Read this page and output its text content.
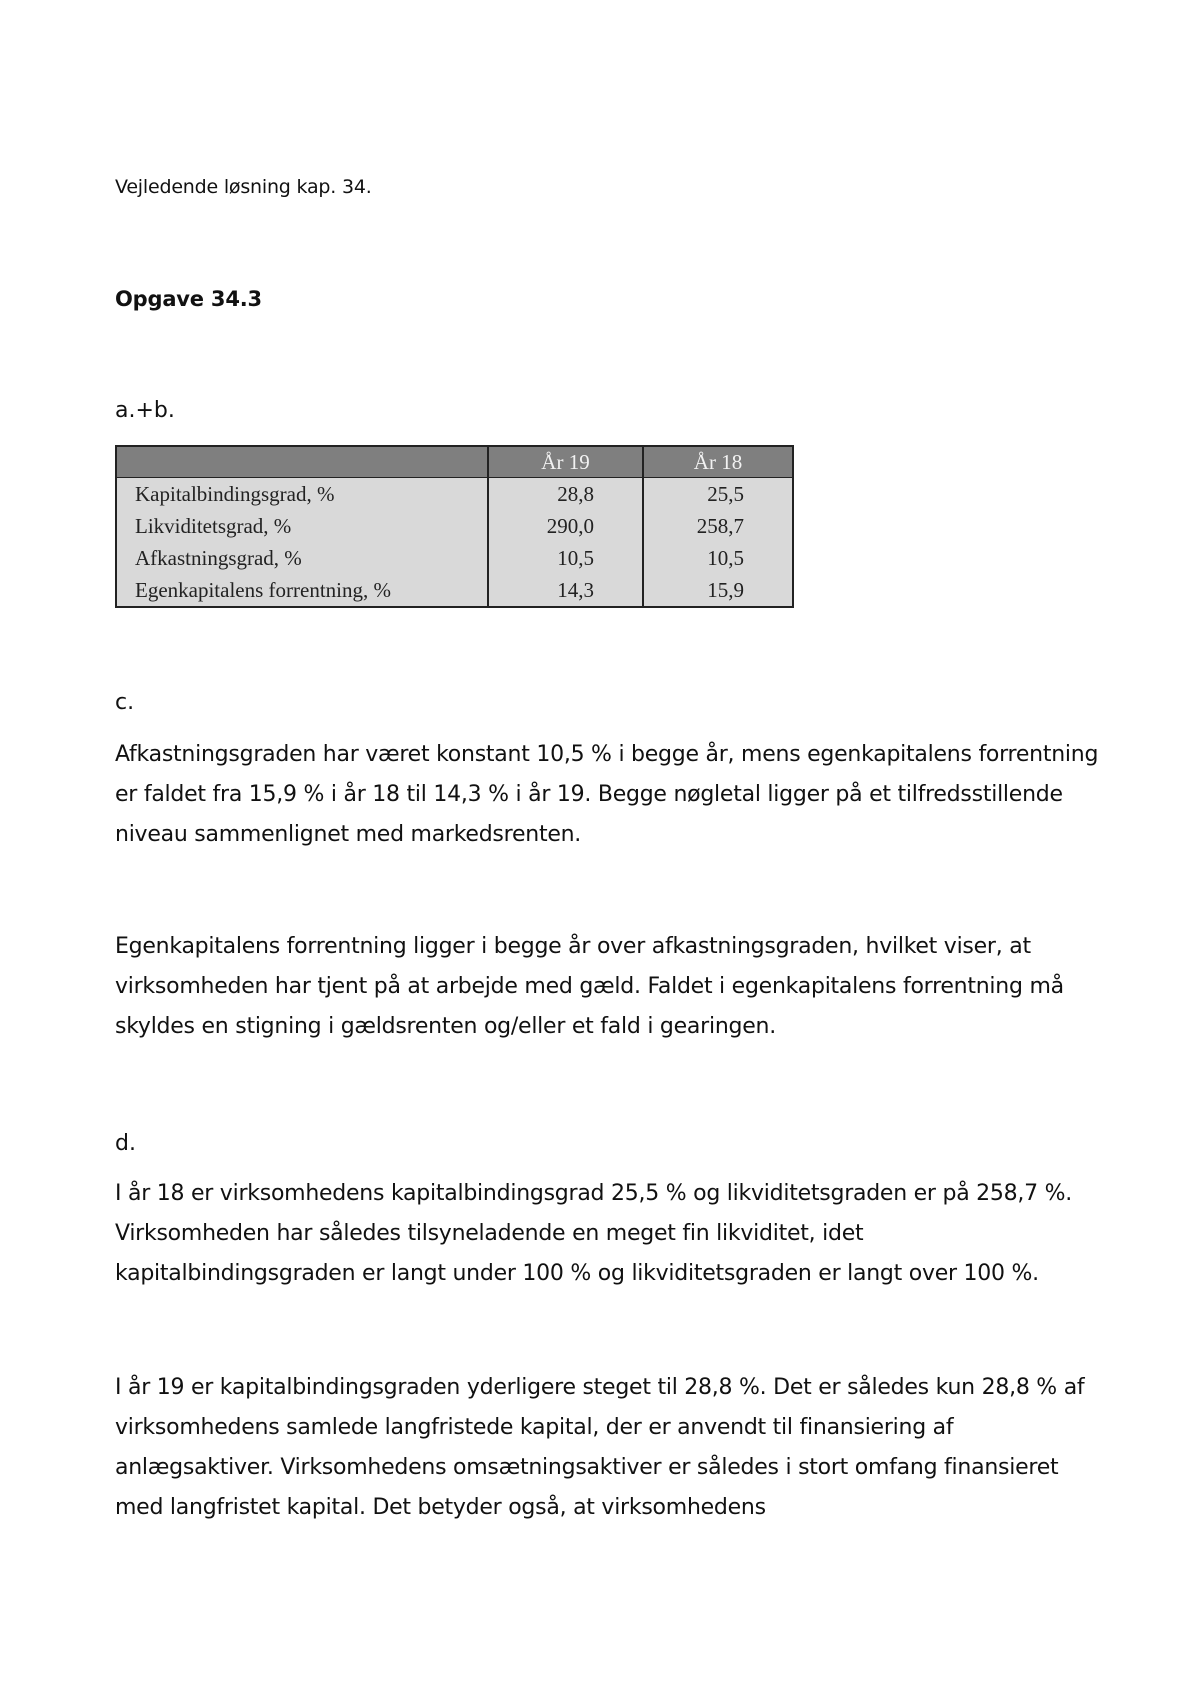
Vejledende løsning kap. 34.
Opgave 34.3
a.+b.
	År 19	År 18
Kapitalbindingsgrad, %	28,8	25,5
Likviditetsgrad, %	290,0	258,7
Afkastningsgrad, %	10,5	10,5
Egenkapitalens forrentning, %	14,3	15,9
c.

Afkastningsgraden har været konstant 10,5 % i begge år, mens egenkapitalens forrentning er faldet fra 15,9 % i år 18 til 14,3 % i år 19. Begge nøgletal ligger på et tilfredsstillende niveau sammenlignet med markedsrenten.

Egenkapitalens forrentning ligger i begge år over afkastningsgraden, hvilket viser, at virksomheden har tjent på at arbejde med gæld. Faldet i egenkapitalens forrentning må skyldes en stigning i gældsrenten og/eller et fald i gearingen.

d.

I år 18 er virksomhedens kapitalbindingsgrad 25,5 % og likviditetsgraden er på 258,7 %. Virksomheden har således tilsyneladende en meget fin likviditet, idet kapitalbindingsgraden er langt under 100 % og likviditetsgraden er langt over 100 %.

I år 19 er kapitalbindingsgraden yderligere steget til 28,8 %. Det er således kun 28,8 % af virksomhedens samlede langfristede kapital, der er anvendt til finansiering af anlægsaktiver. Virksomhedens omsætningsaktiver er således i stort omfang finansieret med langfristet kapital. Det betyder også, at virksomhedens
